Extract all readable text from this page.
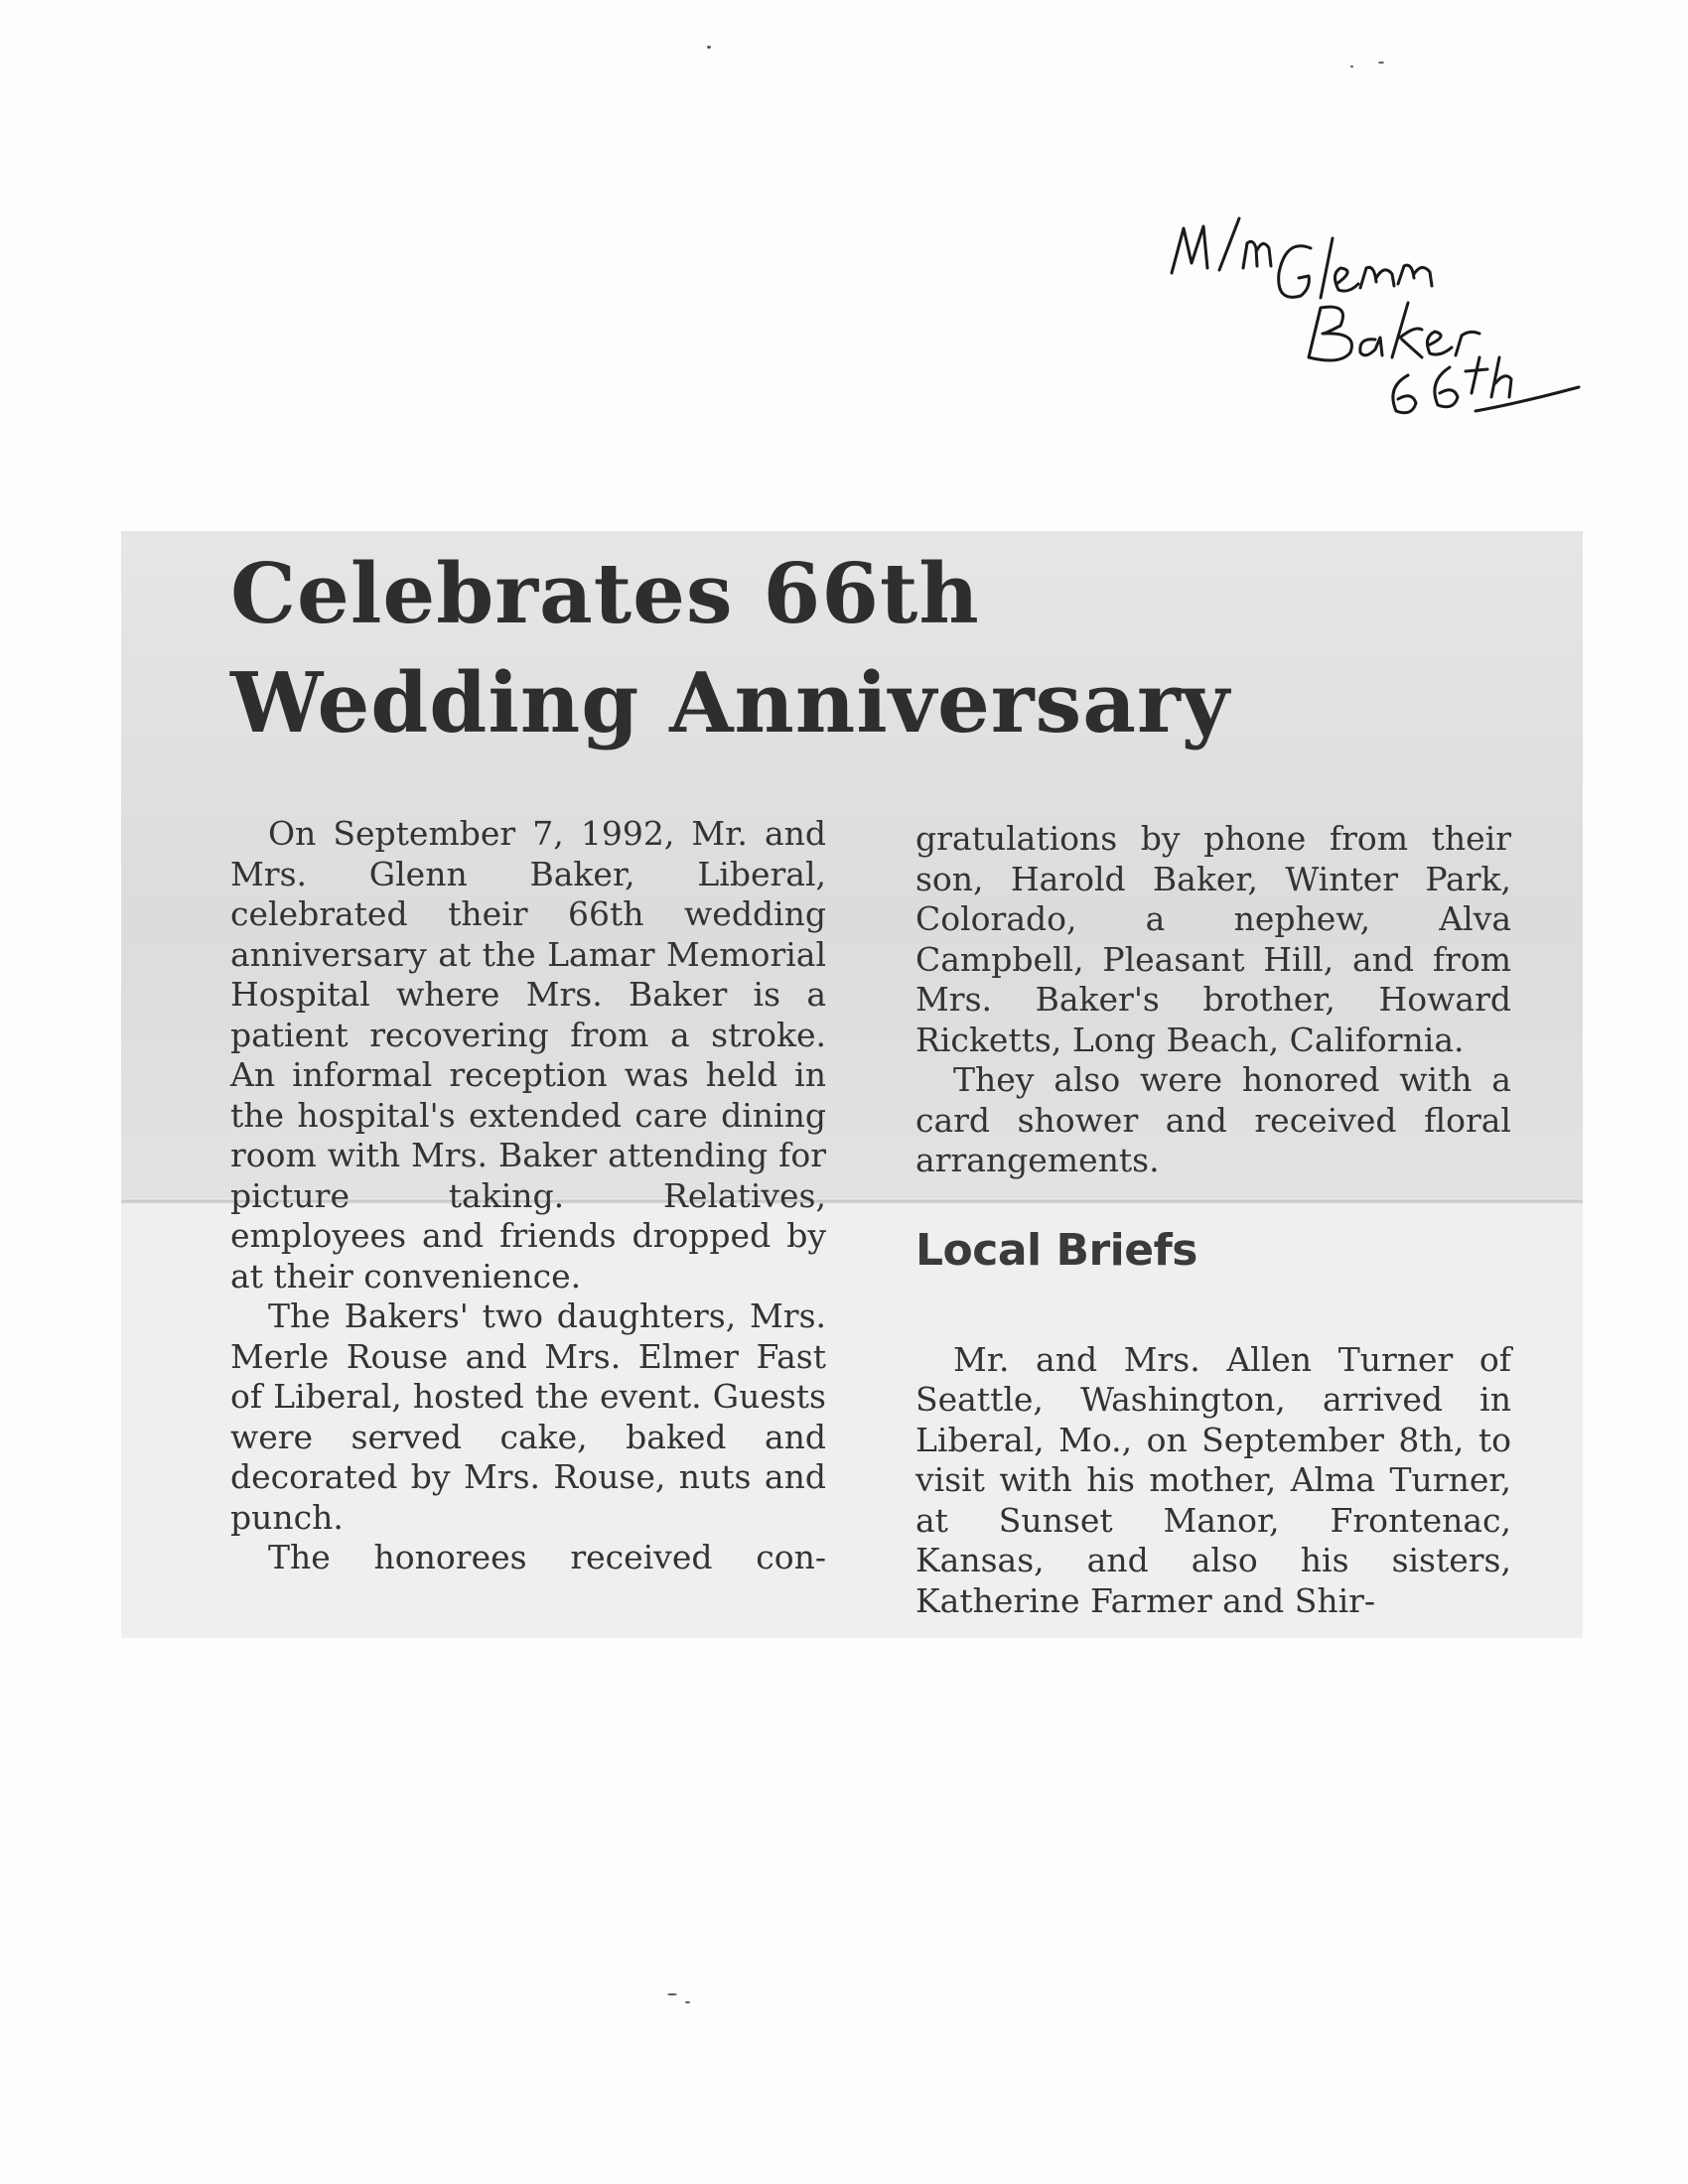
Celebrates 66th
Wedding Anniversary

On September 7, 1992, Mr. and Mrs. Glenn Baker, Liberal, celebrated their 66th wedding anniversary at the Lamar Memorial Hospital where Mrs. Baker is a patient recovering from a stroke. An informal reception was held in the hospital's extended care dining room with Mrs. Baker attending for picture taking. Relatives, employees and friends dropped by at their convenience.

The Bakers' two daughters, Mrs. Merle Rouse and Mrs. Elmer Fast of Liberal, hosted the event. Guests were served cake, baked and decorated by Mrs. Rouse, nuts and punch.

The honorees received con-

gratulations by phone from their son, Harold Baker, Winter Park, Colorado, a nephew, Alva Campbell, Pleasant Hill, and from Mrs. Baker's brother, Howard Ricketts, Long Beach, California.

They also were honored with a card shower and received floral arrangements.

Local Briefs

Mr. and Mrs. Allen Turner of Seattle, Washington, arrived in Liberal, Mo., on September 8th, to visit with his mother, Alma Turner, at Sunset Manor, Frontenac, Kansas, and also his sisters, Katherine Farmer and Shir-
